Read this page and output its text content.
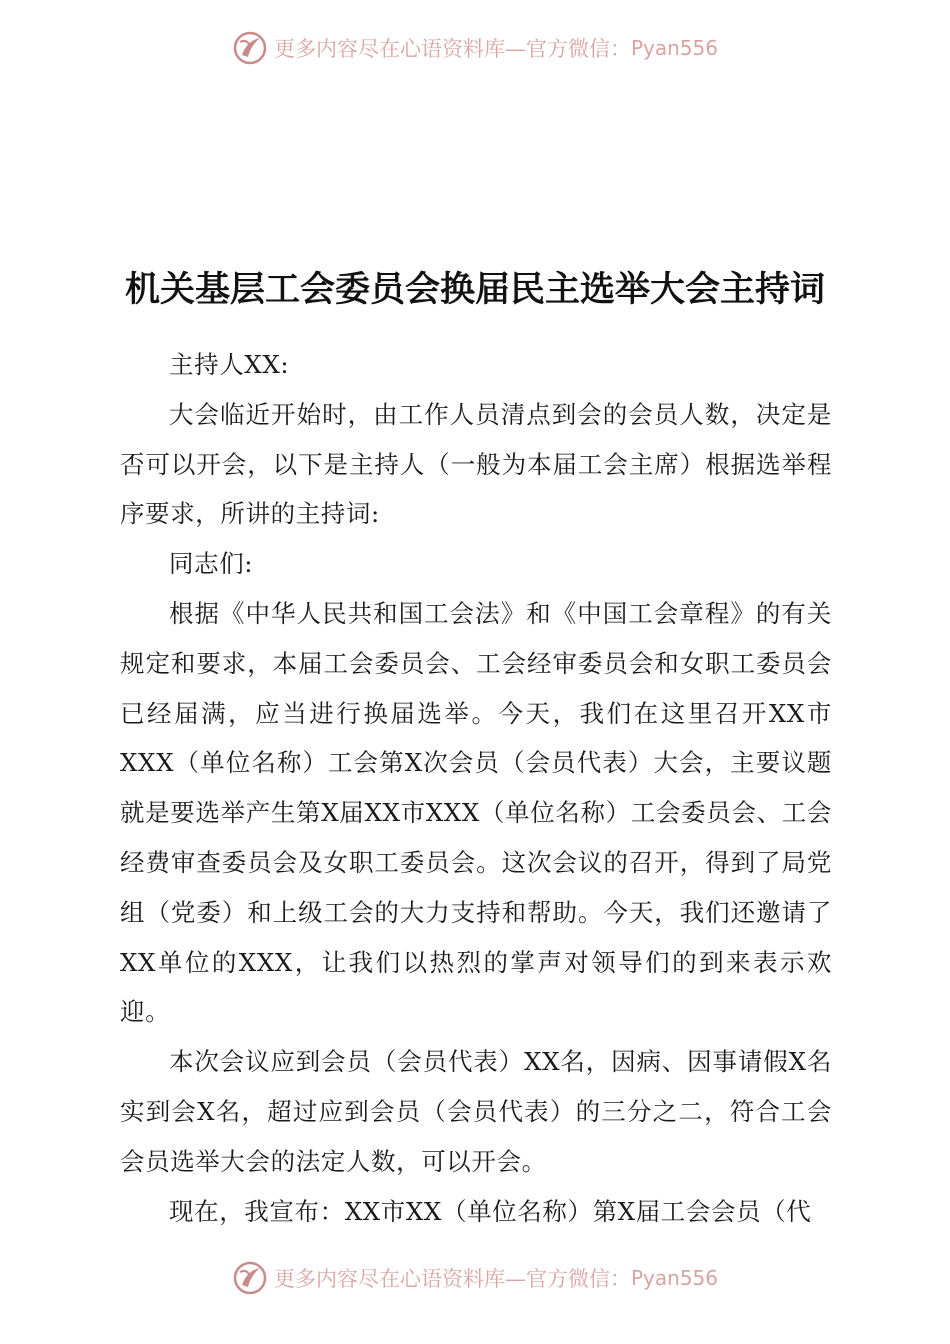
更多内容尽在心语资料库—官方微信： Pyan556
机关基层工会委员会换届民主选举大会主持词

主持人XX:

大会临近开始时，由工作人员清点到会的会员人数，决定是否可以开会，以下是主持人（一般为本届工会主席）根据选举程序要求，所讲的主持词:

同志们:

根据《中华人民共和国工会法》和《中国工会章程》的有关规定和要求，本届工会委员会、工会经审委员会和女职工委员会已经届满，应当进行换届选举。今天，我们在这里召开XX市XXX（单位名称）工会第X次会员（会员代表）大会，主要议题就是要选举产生第X届XX市XXX（单位名称）工会委员会、工会经费审查委员会及女职工委员会。这次会议的召开，得到了局党组（党委）和上级工会的大力支持和帮助。今天，我们还邀请了XX单位的XXX，让我们以热烈的掌声对领导们的到来表示欢迎。

本次会议应到会员（会员代表）XX名，因病、因事请假X名实到会X名，超过应到会员（会员代表）的三分之二，符合工会会员选举大会的法定人数，可以开会。

现在，我宣布：XX市XX（单位名称）第X届工会会员（代

更多内容尽在心语资料库—官方微信： Pyan556
